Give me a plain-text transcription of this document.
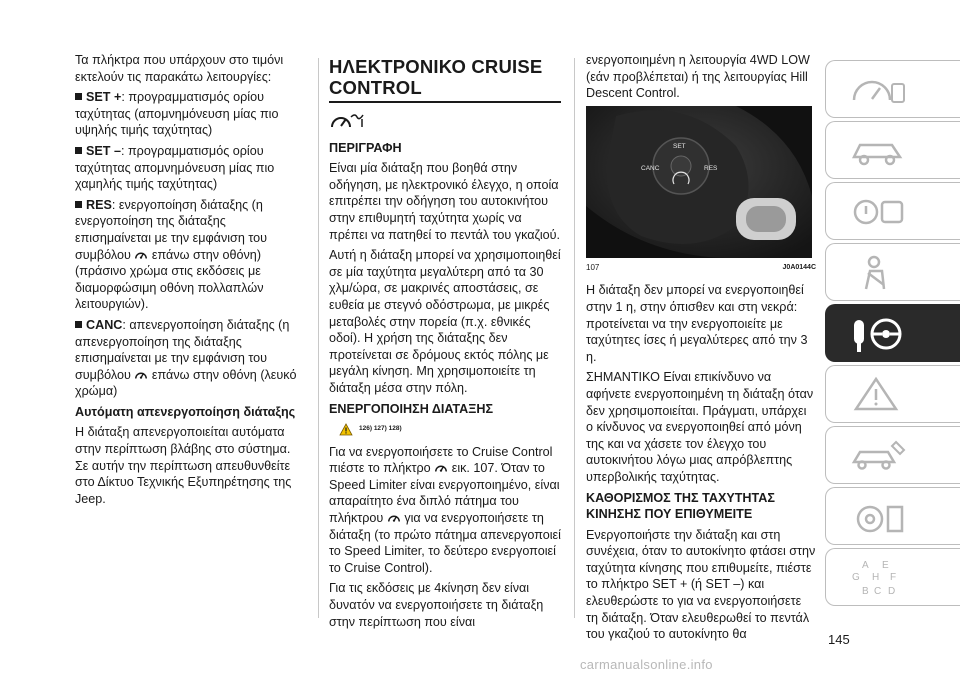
Τα πλήκτρα που υπάρχουν στο τιμόνι εκτελούν τις παρακάτω λειτουργίες:

SET +: προγραμματισμός ορίου ταχύτητας (απομνημόνευση μίας πιο υψηλής τιμής ταχύτητας)

SET –: προγραμματισμός ορίου ταχύτητας απομνημόνευση μίας πιο χαμηλής τιμής ταχύτητας)

RES: ενεργοποίηση διάταξης (η ενεργοποίηση της διάταξης επισημαίνεται με την εμφάνιση του συμβόλου επάνω στην οθόνη) (πράσινο χρώμα στις εκδόσεις με διαμορφώσιμη οθόνη πολλαπλών λειτουργιών).

CANC: απενεργοποίηση διάταξης (η απενεργοποίηση της διάταξης επισημαίνεται με την εμφάνιση του συμβόλου επάνω στην οθόνη (λευκό χρώμα)

Αυτόματη απενεργοποίηση διάταξης

Η διάταξη απενεργοποιείται αυτόματα στην περίπτωση βλάβης στο σύστημα. Σε αυτήν την περίπτωση απευθυνθείτε στο Δίκτυο Τεχνικής Εξυπηρέτησης της Jeep.

ΗΛΕΚΤΡΟΝΙΚΟ CRUISE CONTROL

ΠΕΡΙΓΡΑΦΗ

Είναι μία διάταξη που βοηθά στην οδήγηση, με ηλεκτρονικό έλεγχο, η οποία επιτρέπει την οδήγηση του αυτοκινήτου στην επιθυμητή ταχύτητα χωρίς να πρέπει να πατηθεί το πεντάλ του γκαζιού.

Αυτή η διάταξη μπορεί να χρησιμοποιηθεί σε μία ταχύτητα μεγαλύτερη από τα 30 χλμ/ώρα, σε μακρινές αποστάσεις, σε ευθεία με στεγνό οδόστρωμα, με μικρές μεταβολές στην πορεία (π.χ. εθνικές οδοί). Η χρήση της διάταξης δεν προτείνεται σε δρόμους εκτός πόλης με μεγάλη κίνηση. Μη χρησιμοποιείτε τη διάταξη μέσα στην πόλη.

ΕΝΕΡΓΟΠΟΙΗΣΗ ΔΙΑΤΑΞΗΣ

126) 127) 128)

Για να ενεργοποιήσετε το Cruise Control πιέστε το πλήκτρο εικ. 107. Όταν το Speed Limiter είναι ενεργοποιημένο, είναι απαραίτητο ένα διπλό πάτημα του πλήκτρου για να ενεργοποιήσετε τη διάταξη (το πρώτο πάτημα απενεργοποιεί το Speed Limiter, το δεύτερο ενεργοποιεί το Cruise Control).

Για τις εκδόσεις με 4κίνηση δεν είναι δυνατόν να ενεργοποιήσετε τη διάταξη στην περίπτωση που είναι

ενεργοποιημένη η λειτουργία 4WD LOW (εάν προβλέπεται) ή της λειτουργίας Hill Descent Control.

CANC
SET
RES
107	J0A0144C

Η διάταξη δεν μπορεί να ενεργοποιηθεί στην 1 η, στην όπισθεν και στη νεκρά: προτείνεται να την ενεργοποιείτε με ταχύτητες ίσες ή μεγαλύτερες από την 3 η.

ΣΗΜΑΝΤΙΚΟ Είναι επικίνδυνο να αφήνετε ενεργοποιημένη τη διάταξη όταν δεν χρησιμοποιείται. Πράγματι, υπάρχει ο κίνδυνος να ενεργοποιηθεί από μόνη της και να χάσετε τον έλεγχο του αυτοκινήτου λόγω μιας απρόβλεπτης υπερβολικής ταχύτητας.

ΚΑΘΟΡΙΣΜΟΣ ΤΗΣ ΤΑΧΥΤΗΤΑΣ ΚΙΝΗΣΗΣ ΠΟΥ ΕΠΙΘΥΜΕΙΤΕ

Ενεργοποιήστε την διάταξη και στη συνέχεια, όταν το αυτοκίνητο φτάσει στην ταχύτητα κίνησης που επιθυμείτε, πιέστε το πλήκτρο SET + (ή SET –) και ελευθερώστε το για να ενεργοποιήσετε τη διάταξη. Όταν ελευθερωθεί το πεντάλ του γκαζιού το αυτοκίνητο θα

A E
G	F
B C D
H
145
carmanualsonline.info
